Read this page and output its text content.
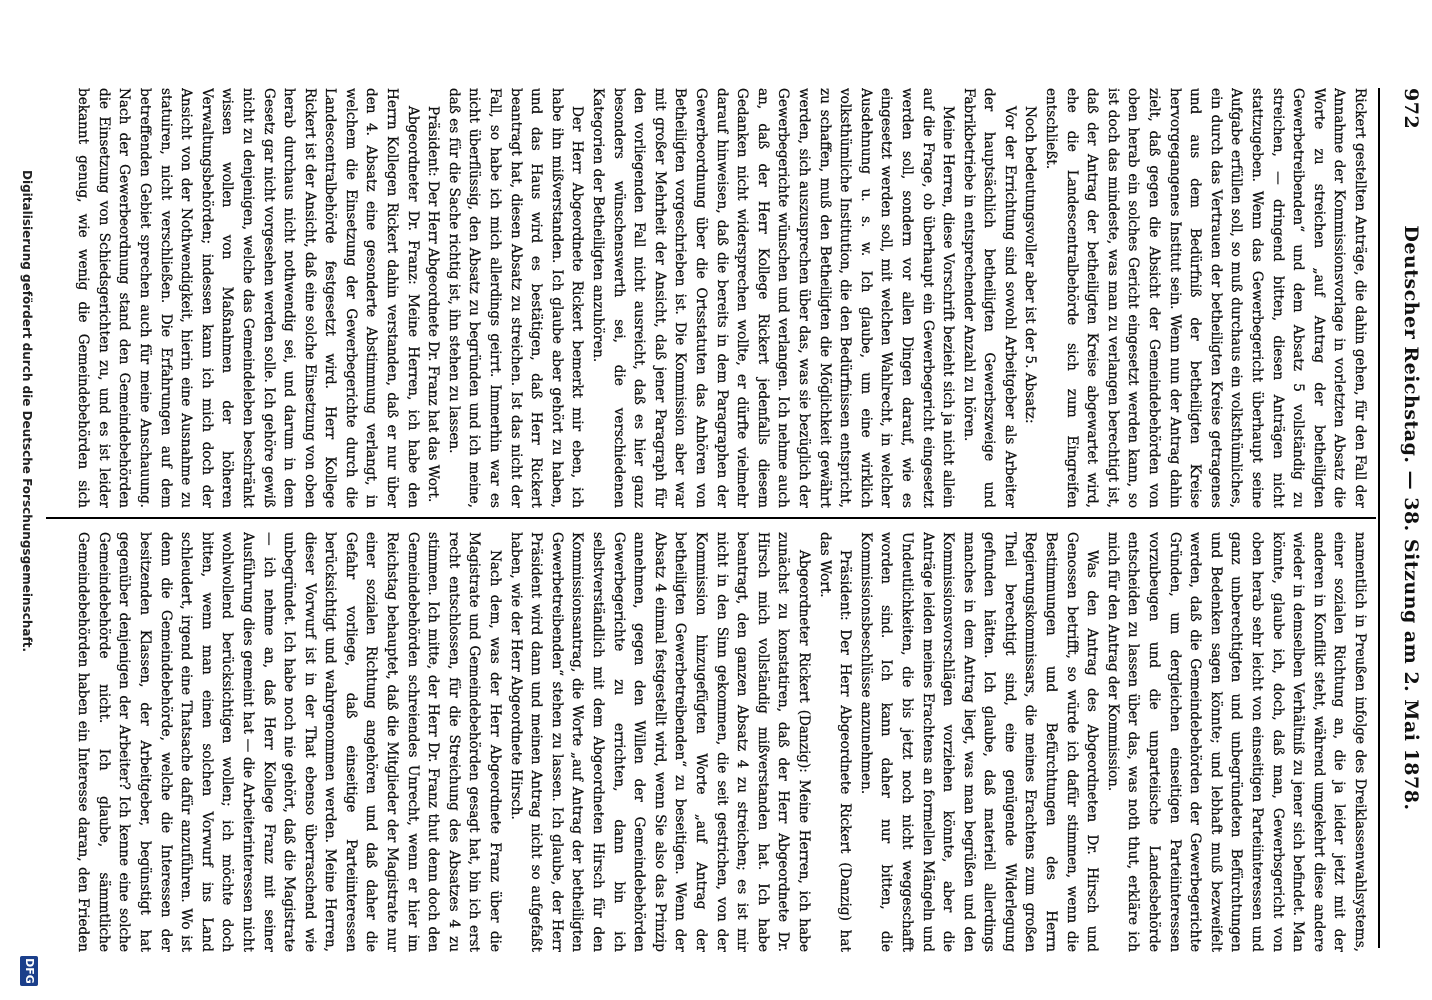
972
Deutscher Reichstag. — 38. Sitzung am 2. Mai 1878.

Rickert gestellten Anträge, die dahin gehen, für den Fall der Annahme der Kommissionsvorlage in vorletzten Absatz die Worte zu streichen „auf Antrag der betheiligten Gewerbetreibenden“ und dem Absatz 5 vollständig zu streichen, — dringend bitten, diesen Anträgen nicht stattzugeben. Wenn das Gewerbegericht überhaupt seine Aufgabe erfüllen soll, so muß durchaus ein volksthümliches, ein durch das Vertrauen der betheiligten Kreise getragenes und aus dem Bedürfniß der betheiligten Kreise hervorgegangenes Institut sein. Wenn nun der Antrag dahin zielt, daß gegen die Absicht der Gemeindebehörden von oben herab ein solches Gericht eingesetzt werden kann, so ist doch das mindeste, was man zu verlangen berechtigt ist, daß der Antrag der betheiligten Kreise abgewartet wird, ehe die Landescentralbehörde sich zum Eingreifen entschließt.

Noch bedeutungsvoller aber ist der 5. Absatz:

Vor der Errichtung sind sowohl Arbeitgeber als Arbeiter der hauptsächlich betheiligten Gewerbszweige und Fabrikbetriebe in entsprechender Anzahl zu hören.

Meine Herren, diese Vorschrift bezieht sich ja nicht allein auf die Frage, ob überhaupt ein Gewerbegericht eingesetzt werden soll, sondern vor allen Dingen darauf, wie es eingesetzt werden soll, mit welchen Wahlrecht, in welcher Ausdehnung u. s. w. Ich glaube, um eine wirklich volksthümliche Institution, die den Bedürfnissen entspricht, zu schaffen, muß den Betheiligten die Möglichkeit gewährt werden, sich auszusprechen über das, was sie bezüglich der Gewerbegerichte wünschen und verlangen. Ich nehme auch an, daß der Herr Kollege Rickert jedenfalls diesem Gedanken nicht widersprechen wollte, er dürfte vielmehr darauf hinweisen, daß die bereits in dem Paragraphen der Gewerbeordnung über die Ortsstatuten das Anhören von Betheiligten vorgeschrieben ist. Die Kommission aber war mit großer Mehrheit der Ansicht, daß jener Paragraph für den vorliegenden Fall nicht ausreicht, daß es hier ganz besonders wünschenswerth sei, die verschiedenen Kategorien der Betheiligten anzuhören.

Der Herr Abgeordnete Rickert bemerkt mir eben, ich habe ihn mißverstanden. Ich glaube aber gehört zu haben, und das Haus wird es bestätigen, daß Herr Rickert beantragt hat, diesen Absatz zu streichen. Ist das nicht der Fall, so habe ich mich allerdings geirrt. Immerhin war es nicht überflüssig, den Absatz zu begründen und ich meine, daß es für die Sache richtig ist, ihn stehen zu lassen.

Präsident: Der Herr Abgeordnete Dr. Franz hat das Wort.

Abgeordneter Dr. Franz: Meine Herren, ich habe den Herrn Kollegen Rickert dahin verstanden, daß er nur über den 4. Absatz eine gesonderte Abstimmung verlangt, in welchem die Einsetzung der Gewerbegerichte durch die Landescentralbehörde festgesetzt wird. Herr Kollege Rickert ist der Ansicht, daß eine solche Einsetzung von oben herab durchaus nicht nothwendig sei, und darum in dem Gesetz gar nicht vorgesehen werden solle. Ich gehöre gewiß nicht zu denjenigen, welche das Gemeindeleben beschränkt wissen wollen von Maßnahmen der höheren Verwaltungsbehörden; indessen kann ich mich doch der Ansicht von der Nothwendigkeit, hierin eine Ausnahme zu statuiren, nicht verschließen. Die Erfahrungen auf dem betreffenden Gebiet sprechen auch für meine Anschauung. Nach der Gewerbeordnung stand den Gemeindebehörden die Einsetzung von Schiedsgerichten zu, und es ist leider bekannt genug, wie wenig die Gemeindebehörden sich

namentlich in Preußen infolge des Dreiklassenwahlsystems, einer sozialen Richtung an, die ja leider jetzt mit der anderen in Konflikt steht, während umgekehrt diese andere wieder in demselben Verhältniß zu jener sich befindet. Man könnte, glaube ich, doch, daß man, Gewerbsgericht von oben herab sehr leicht von einseitigen Parteiinteressen und ganz unberechtigten und unbegründeten Befürchtungen und Bedenken sagen könnte; und lebhaft muß bezweifelt werden, daß die Gemeindebehörden der Gewerbegerichte Gründen, um dergleichen einseitigen Parteiinteressen vorzubeugen und die unparteiische Landesbehörde entscheiden zu lassen über das, was noth thut, erkläre ich mich für den Antrag der Kommission.

Was den Antrag des Abgeordneten Dr. Hirsch und Genossen betrifft, so würde ich dafür stimmen, wenn die Bestimmungen und Befürchtungen des Herrn Regierungskommissars, die meines Erachtens zum großen Theil berechtigt sind, eine genügende Widerlegung gefunden hätten. Ich glaube, daß materiell allerdings manches in dem Antrag liegt, was man begrüßen und den Kommissionsvorschlägen vorziehen könnte, aber die Anträge leiden meines Erachtens an formellen Mängeln und Undeutlichkeiten, die bis jetzt noch nicht weggeschafft worden sind. Ich kann daher nur bitten, die Kommissionsbeschlüsse anzunehmen.

Präsident: Der Herr Abgeordnete Rickert (Danzig) hat das Wort.

Abgeordneter Rickert (Danzig): Meine Herren, ich habe zunächst zu konstatiren, daß der Herr Abgeordnete Dr. Hirsch mich vollständig mißverstanden hat. Ich habe beantragt, den ganzen Absatz 4 zu streichen; es ist mir nicht in den Sinn gekommen, die seit gestrichen, von der Kommission hinzugefügten Worte „auf Antrag der betheiligten Gewerbetreibenden“ zu beseitigen. Wenn der Absatz 4 einmal festgestellt wird, wenn Sie also das Prinzip annehmen, gegen den Willen der Gemeindebehörden Gewerbegerichte zu errichten, dann bin ich selbstverständlich mit dem Abgeordneten Hirsch für den Kommissionsantrag, die Worte „auf Antrag der betheiligten Gewerbetreibenden“ stehen zu lassen. Ich glaube, der Herr Präsident wird dann und meinen Antrag nicht so aufgefaßt haben, wie der Herr Abgeordnete Hirsch.

Nach dem, was der Herr Abgeordnete Franz über die Magistrate und Gemeindebehörden gesagt hat, bin ich erst recht entschlossen, für die Streichung des Absatzes 4 zu stimmen. Ich mitte, der Herr Dr. Franz thut denn doch den Gemeindebehörden schreiendes Unrecht, wenn er hier im Reichstag behauptet, daß die Mitglieder der Magistrate nur einer sozialen Richtung angehören und daß daher die Gefahr vorliege, daß einseitige Parteiinteressen berücksichtigt und wahrgenommen werden. Meine Herren, dieser Vorwurf ist in der That ebenso überraschend wie unbegründet. Ich habe noch nie gehört, daß die Magistrate — ich nehme an, daß Herr Kollege Franz mit seiner Ausführung dies gemeint hat — die Arbeiterinteressen nicht wohlwollend berücksichtigen wollen; ich möchte doch bitten, wenn man einen solchen Vorwurf ins Land schleudert, irgend eine Thatsache dafür anzuführen. Wo ist denn die Gemeindebehörde, welche die Interessen der besitzenden Klassen, der Arbeitgeber, begünstigt hat gegenüber denjenigen der Arbeiter? Ich kenne eine solche Gemeindebehörde nicht. Ich glaube, sämmtliche Gemeindebehörden haben ein Interesse daran, den Frieden

Digitalisierung gefördert durch die Deutsche Forschungsgemeinschaft.
DFG
